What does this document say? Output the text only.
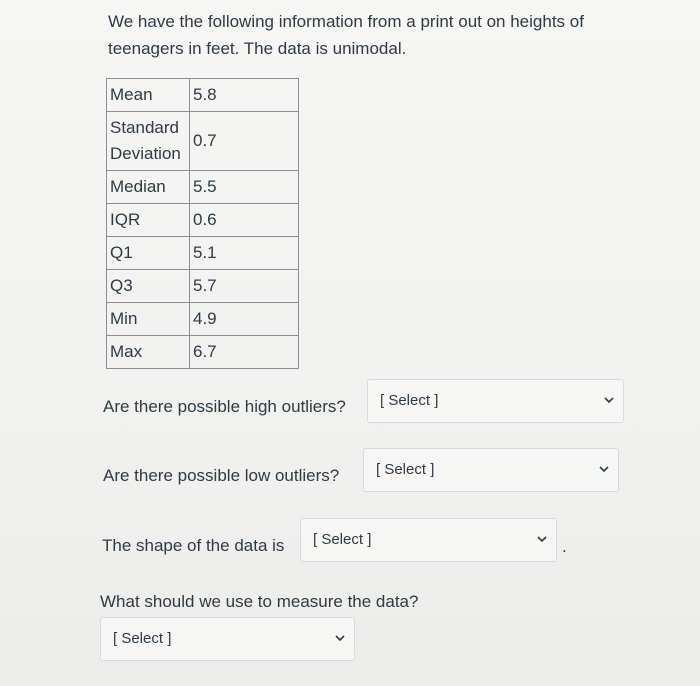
We have the following information from a print out on heights of teenagers in feet. The data is unimodal.
Mean	5.8
Standard Deviation	0.7
Median	5.5
IQR	0.6
Q1	5.1
Q3	5.7
Min	4.9
Max	6.7
Are there possible high outliers? [ Select ]
Are there possible low outliers? [ Select ]
The shape of the data is [ Select ]	.
What should we use to measure the data?
[ Select ]
